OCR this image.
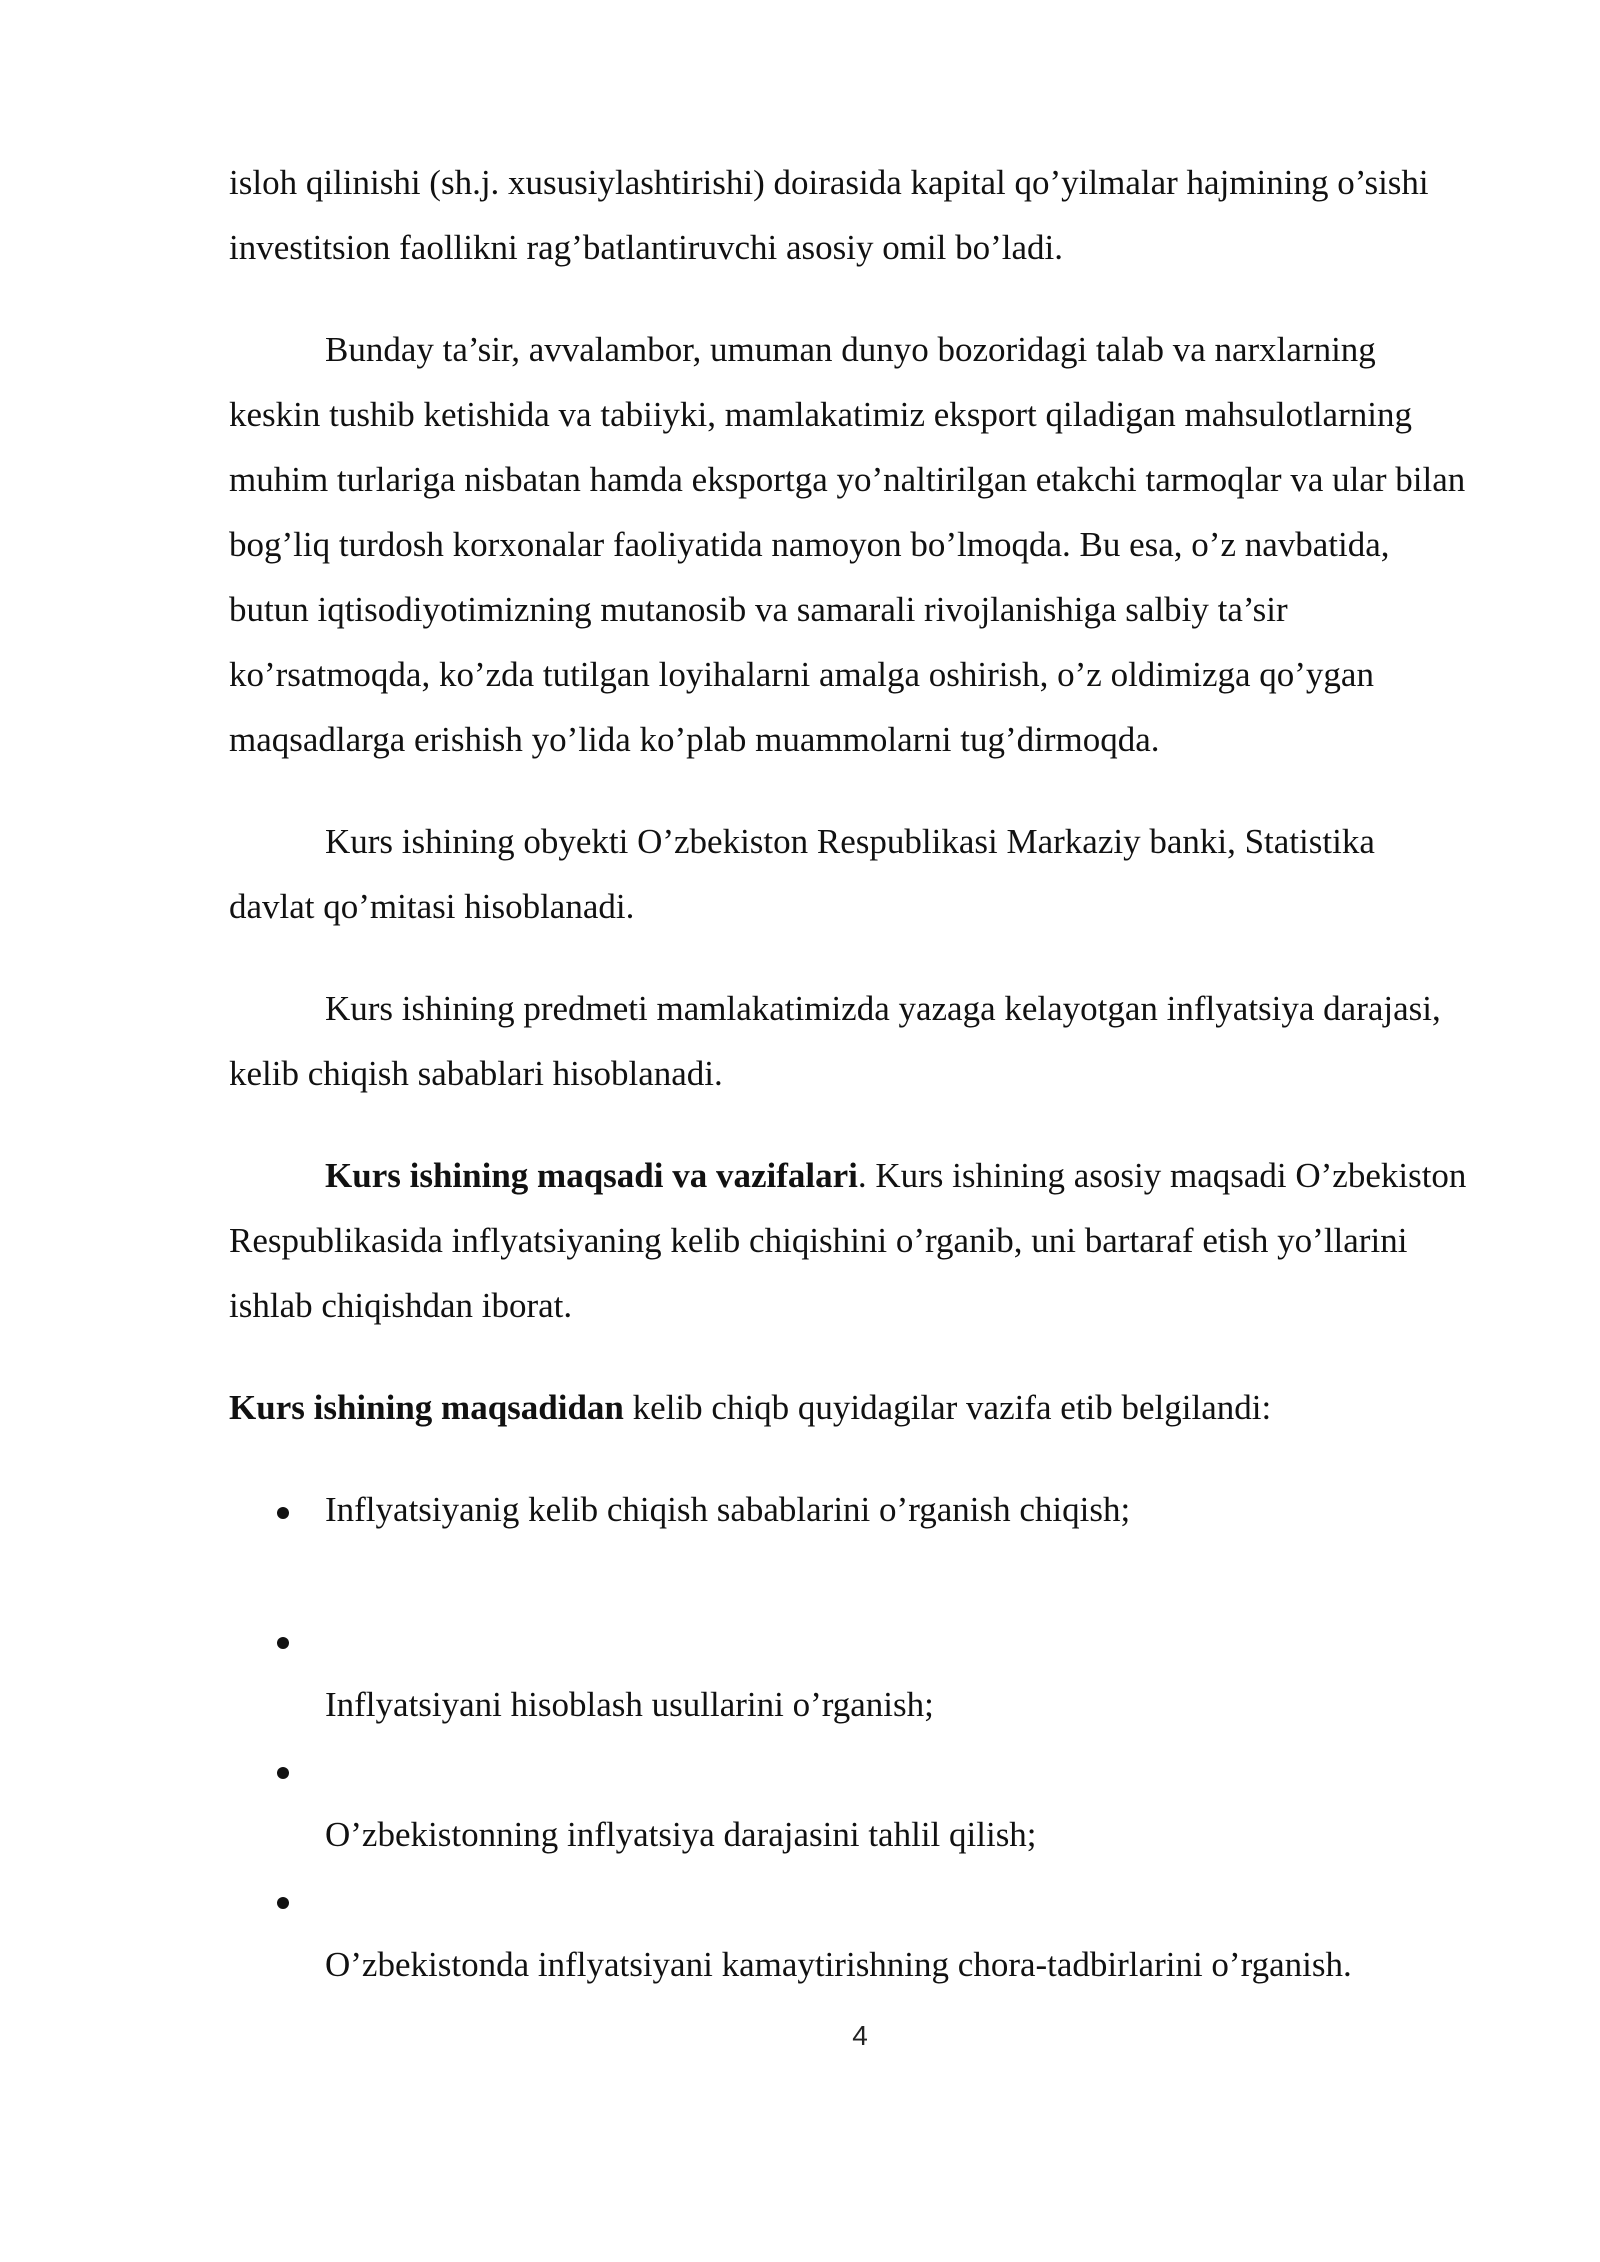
isloh qilinishi (sh.j. xususiylashtirishi) doirasida kapital qo’yilmalar hajmining o’sishi investitsion faollikni rag’batlantiruvchi asosiy omil bo’ladi.

Bunday ta’sir, avvalambor, umuman dunyo bozoridagi talab va narxlarning keskin tushib ketishida va tabiiyki, mamlakatimiz eksport qiladigan mahsulotlarning muhim turlariga nisbatan hamda eksportga yo’naltirilgan etakchi tarmoqlar va ular bilan bog’liq turdosh korxonalar faoliyatida namoyon bo’lmoqda. Bu esa, o’z navbatida, butun iqtisodiyotimizning mutanosib va samarali rivojlanishiga salbiy ta’sir ko’rsatmoqda, ko’zda tutilgan loyihalarni amalga oshirish, o’z oldimizga qo’ygan maqsadlarga erishish yo’lida ko’plab muammolarni tug’dirmoqda.

Kurs ishining obyekti O’zbekiston Respublikasi Markaziy banki, Statistika davlat qo’mitasi hisoblanadi.

Kurs ishining predmeti mamlakatimizda yazaga kelayotgan inflyatsiya darajasi, kelib chiqish sabablari hisoblanadi.

Kurs ishining maqsadi va vazifalari. Kurs ishining asosiy maqsadi O’zbekiston Respublikasida inflyatsiyaning kelib chiqishini o’rganib, uni bartaraf etish yo’llarini ishlab chiqishdan iborat.

Kurs ishining maqsadidan kelib chiqb quyidagilar vazifa etib belgilandi:

Inflyatsiyanig kelib chiqish sabablarini o’rganish chiqish;
Inflyatsiyani hisoblash usullarini o’rganish;
O’zbekistonning inflyatsiya darajasini tahlil qilish;
O’zbekistonda inflyatsiyani kamaytirishning chora-tadbirlarini o’rganish.
4
